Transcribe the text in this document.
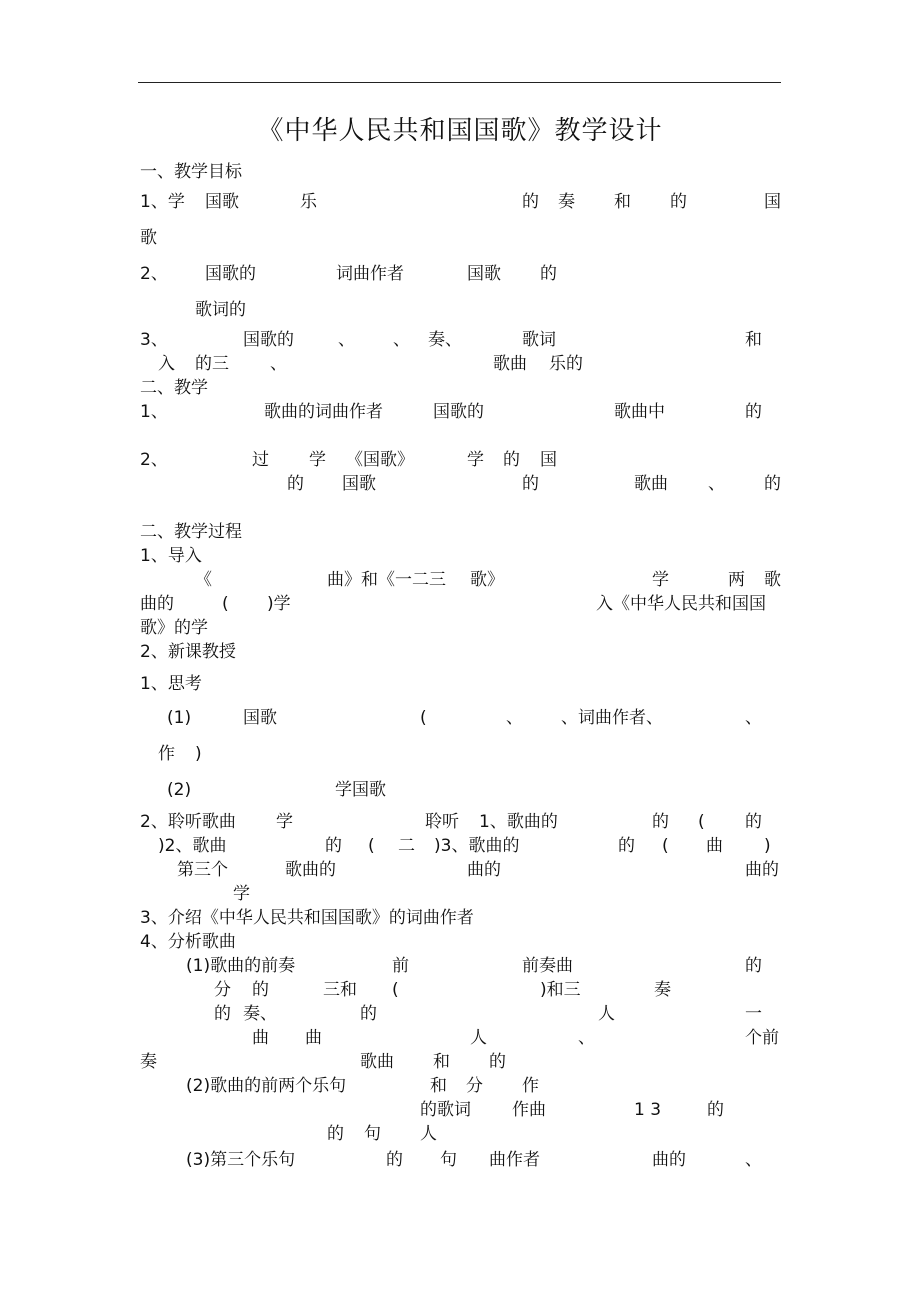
《中华人民共和国国歌》教学设计
一、教学目标
1、学 国歌	乐	的 奏 和 的	国
歌
2、 国歌的	词曲作者	国歌 的
歌词的
3、	国歌的	、 、 奏、	歌词	和
入 的三 、	歌曲 乐的
二、教学
1、	歌曲的词曲作者	国歌的	歌曲中	的
2、	过 学 《国歌》	学 的 国
的 国歌	的	歌曲 、 的
二、教学过程
1、导入
《	曲》和《一二三 歌》	学	两 歌
曲的	( )学	入《中华人民共和国国
歌》的学
2、新课教授
1、思考
(1)	国歌	(	、 、词曲作者、	、
作 )
(2)	学国歌
2、聆听歌曲 学	聆听 1、歌曲的	的 ( 的
)2、歌曲	的 ( 二 )3、歌曲的	的 ( 曲 )
第三个	歌曲的	曲的	曲的
学
3、介绍《中华人民共和国国歌》的词曲作者
4、分析歌曲
(1)歌曲的前奏	前	前奏曲	的
分 的	三和 (	)和三	奏
的 奏、	的	人	一
曲 曲	人	、	个前
奏	歌曲 和 的
(2)歌曲的前两个乐句	和 分 作
的歌词 作曲	1 3	的
的 句 人
(3)第三个乐句	的 句 曲作者	曲的	、
